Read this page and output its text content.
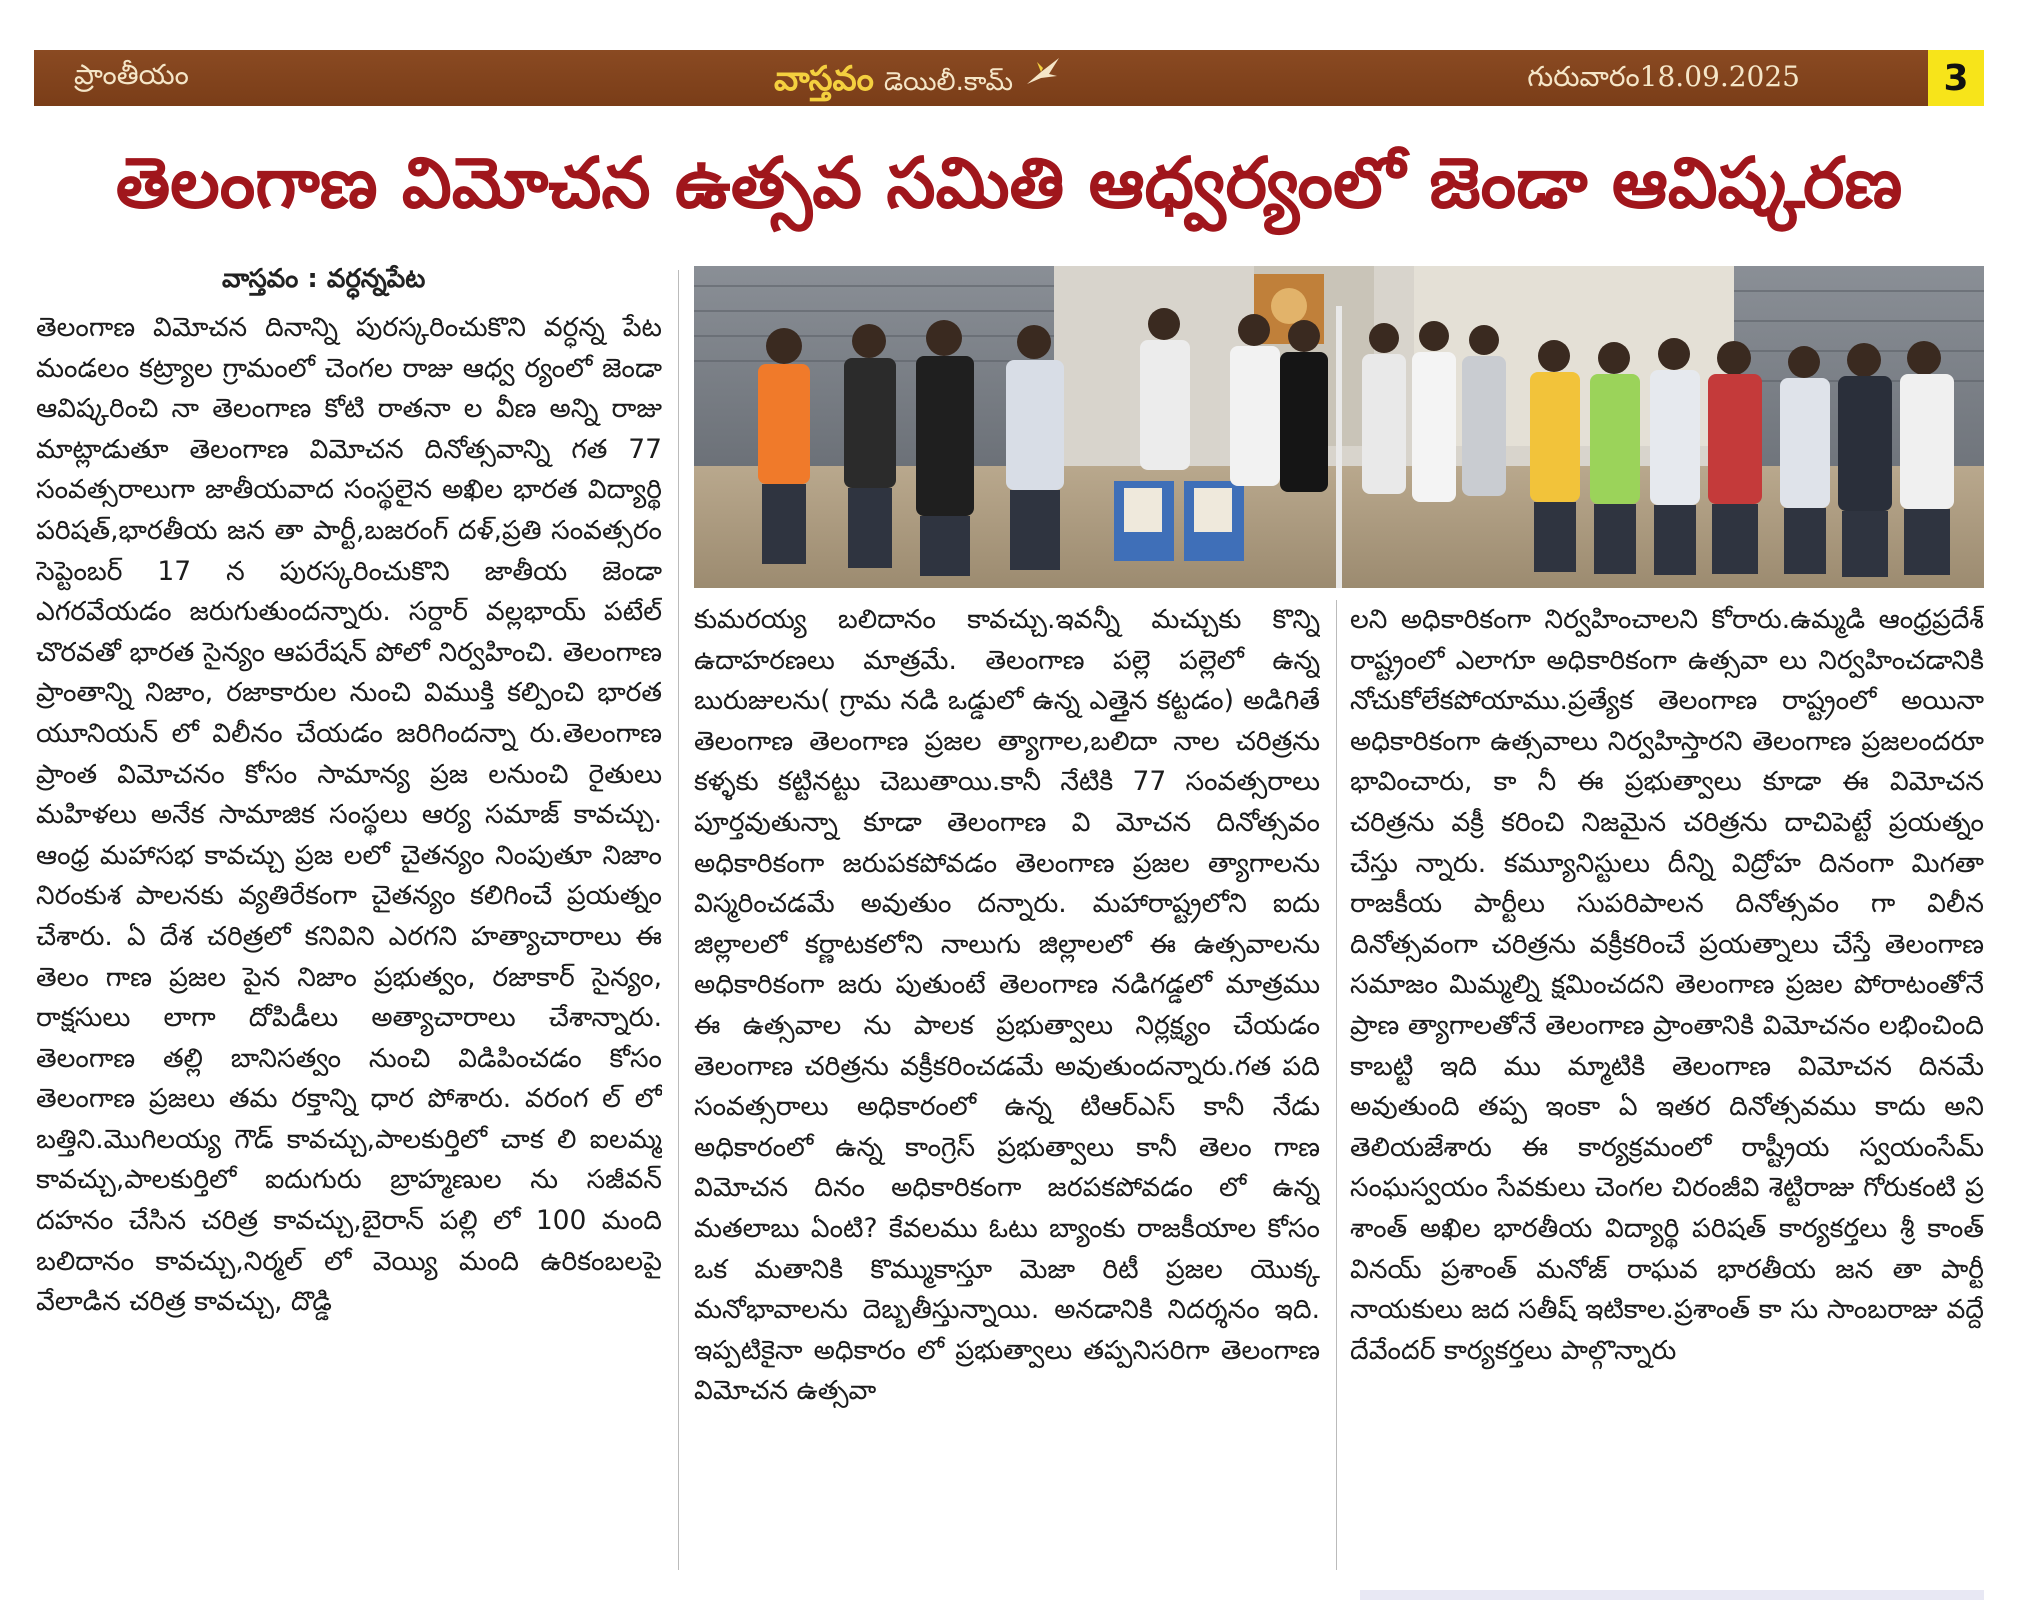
ప్రాంతీయం	వాస్తవం డెయిలీ.కామ్	గురువారం18.09.2025	3
తెలంగాణ విమోచన ఉత్సవ సమితి ఆధ్వర్యంలో జెండా ఆవిష్కరణ
వాస్తవం : వర్ధన్నపేట

తెలంగాణ విమోచన దినాన్ని పురస్కరించుకొని వర్ధన్న పేట మండలం కట్ర్యాల గ్రామంలో చెంగల రాజు ఆధ్వ ర్యంలో జెండా ఆవిష్కరించి నా తెలంగాణ కోటి రాతనా ల వీణ అన్ని రాజు మాట్లాడుతూ తెలంగాణ విమోచన దినోత్సవాన్ని గత 77 సంవత్సరాలుగా జాతీయవాద సంస్థలైన అఖిల భారత విద్యార్థి పరిషత్,భారతీయ జన తా పార్టీ,బజరంగ్ దళ్,ప్రతి సంవత్సరం సెప్టెంబర్ 17 న పురస్కరించుకొని జాతీయ జెండా ఎగరవేయడం జరుగుతుందన్నారు. సర్దార్ వల్లభాయ్ పటేల్ చొరవతో భారత సైన్యం ఆపరేషన్ పోలో నిర్వహించి. తెలంగాణ ప్రాంతాన్ని నిజాం, రజాకారుల నుంచి విముక్తి కల్పించి భారత యూనియన్ లో విలీనం చేయడం జరిగిందన్నా రు.తెలంగాణ ప్రాంత విమోచనం కోసం సామాన్య ప్రజ లనుంచి రైతులు మహిళలు అనేక సామాజిక సంస్థలు ఆర్య సమాజ్ కావచ్చు. ఆంధ్ర మహాసభ కావచ్చు ప్రజ లలో చైతన్యం నింపుతూ నిజాం నిరంకుశ పాలనకు వ్యతిరేకంగా చైతన్యం కలిగించే ప్రయత్నం చేశారు. ఏ దేశ చరిత్రలో కనివిని ఎరగని హత్యాచారాలు ఈ తెలం గాణ ప్రజల పైన నిజాం ప్రభుత్వం, రజాకార్ సైన్యం, రాక్షసులు లాగా దోపిడీలు అత్యాచారాలు చేశాన్నారు. తెలంగాణ తల్లి బానిసత్వం నుంచి విడిపించడం కోసం తెలంగాణ ప్రజలు తమ రక్తాన్ని ధార పోశారు. వరంగ ల్ లో బత్తిని.మొగిలయ్య గౌడ్ కావచ్చు,పాలకుర్తిలో చాక లి ఐలమ్మ కావచ్చు,పాలకుర్తిలో ఐదుగురు బ్రాహ్మణుల ను సజీవన్ దహనం చేసిన చరిత్ర కావచ్చు,బైరాన్ పల్లి లో 100 మంది బలిదానం కావచ్చు,నిర్మల్ లో వెయ్యి మంది ఉరికంబలపై వేలాడిన చరిత్ర కావచ్చు, దొడ్డి

కుమరయ్య బలిదానం కావచ్చు.ఇవన్నీ మచ్చుకు కొన్ని ఉదాహరణలు మాత్రమే. తెలంగాణ పల్లె పల్లెలో ఉన్న బురుజులను( గ్రామ నడి ఒడ్డులో ఉన్న ఎత్తైన కట్టడం) అడిగితే తెలంగాణ తెలంగాణ ప్రజల త్యాగాల,బలిదా నాల చరిత్రను కళ్ళకు కట్టినట్టు చెబుతాయి.కానీ నేటికి 77 సంవత్సరాలు పూర్తవుతున్నా కూడా తెలంగాణ వి మోచన దినోత్సవం అధికారికంగా జరుపకపోవడం తెలంగాణ ప్రజల త్యాగాలను విస్మరించడమే అవుతుం దన్నారు. మహారాష్ట్రలోని ఐదు జిల్లాలలో కర్ణాటకలోని నాలుగు జిల్లాలలో ఈ ఉత్సవాలను అధికారికంగా జరు పుతుంటే తెలంగాణ నడిగడ్డలో మాత్రము ఈ ఉత్సవాల ను పాలక ప్రభుత్వాలు నిర్లక్ష్యం చేయడం తెలంగాణ చరిత్రను వక్రీకరించడమే అవుతుందన్నారు.గత పది సంవత్సరాలు అధికారంలో ఉన్న టిఆర్ఎస్ కానీ నేడు అధికారంలో ఉన్న కాంగ్రెస్ ప్రభుత్వాలు కానీ తెలం గాణ విమోచన దినం అధికారికంగా జరపకపోవడం లో ఉన్న మతలాబు ఏంటి? కేవలము ఓటు బ్యాంకు రాజకీయాల కోసం ఒక మతానికి కొమ్ముకాస్తూ మెజా రిటీ ప్రజల యొక్క మనోభావాలను దెబ్బతీస్తున్నాయి. అనడానికి నిదర్శనం ఇది. ఇప్పటికైనా అధికారం లో ప్రభుత్వాలు తప్పనిసరిగా తెలంగాణ విమోచన ఉత్సవా

లని అధికారికంగా నిర్వహించాలని కోరారు.ఉమ్మడి ఆంధ్రప్రదేశ్ రాష్ట్రంలో ఎలాగూ అధికారికంగా ఉత్సవా లు నిర్వహించడానికి నోచుకోలేకపోయాము.ప్రత్యేక తెలంగాణ రాష్ట్రంలో అయినా అధికారికంగా ఉత్సవాలు నిర్వహిస్తారని తెలంగాణ ప్రజలందరూ భావించారు, కా నీ ఈ ప్రభుత్వాలు కూడా ఈ విమోచన చరిత్రను వక్రీ కరించి నిజమైన చరిత్రను దాచిపెట్టే ప్రయత్నం చేస్తు న్నారు. కమ్యూనిస్టులు దీన్ని విద్రోహ దినంగా మిగతా రాజకీయ పార్టీలు సుపరిపాలన దినోత్సవం గా విలీన దినోత్సవంగా చరిత్రను వక్రీకరించే ప్రయత్నాలు చేస్తే తెలంగాణ సమాజం మిమ్మల్ని క్షమించదని తెలంగాణ ప్రజల పోరాటంతోనే ప్రాణ త్యాగాలతోనే తెలంగాణ ప్రాంతానికి విమోచనం లభించింది కాబట్టి ఇది ము మ్మాటికి తెలంగాణ విమోచన దినమే అవుతుంది తప్ప ఇంకా ఏ ఇతర దినోత్సవము కాదు అని తెలియజేశారు ఈ కార్యక్రమంలో రాష్ట్రీయ స్వయంసేమ్ సంఘస్వయం సేవకులు చెంగల చిరంజీవి శెట్టిరాజు గోరుకంటి ప్ర శాంత్ అఖిల భారతీయ విద్యార్థి పరిషత్ కార్యకర్తలు శ్రీ కాంత్ వినయ్ ప్రశాంత్ మనోజ్ రాఘవ భారతీయ జన తా పార్టీ నాయకులు జద సతీష్ ఇటికాల.ప్రశాంత్ కా సు సాంబరాజు వద్దే దేవేందర్ కార్యకర్తలు పాల్గొన్నారు
